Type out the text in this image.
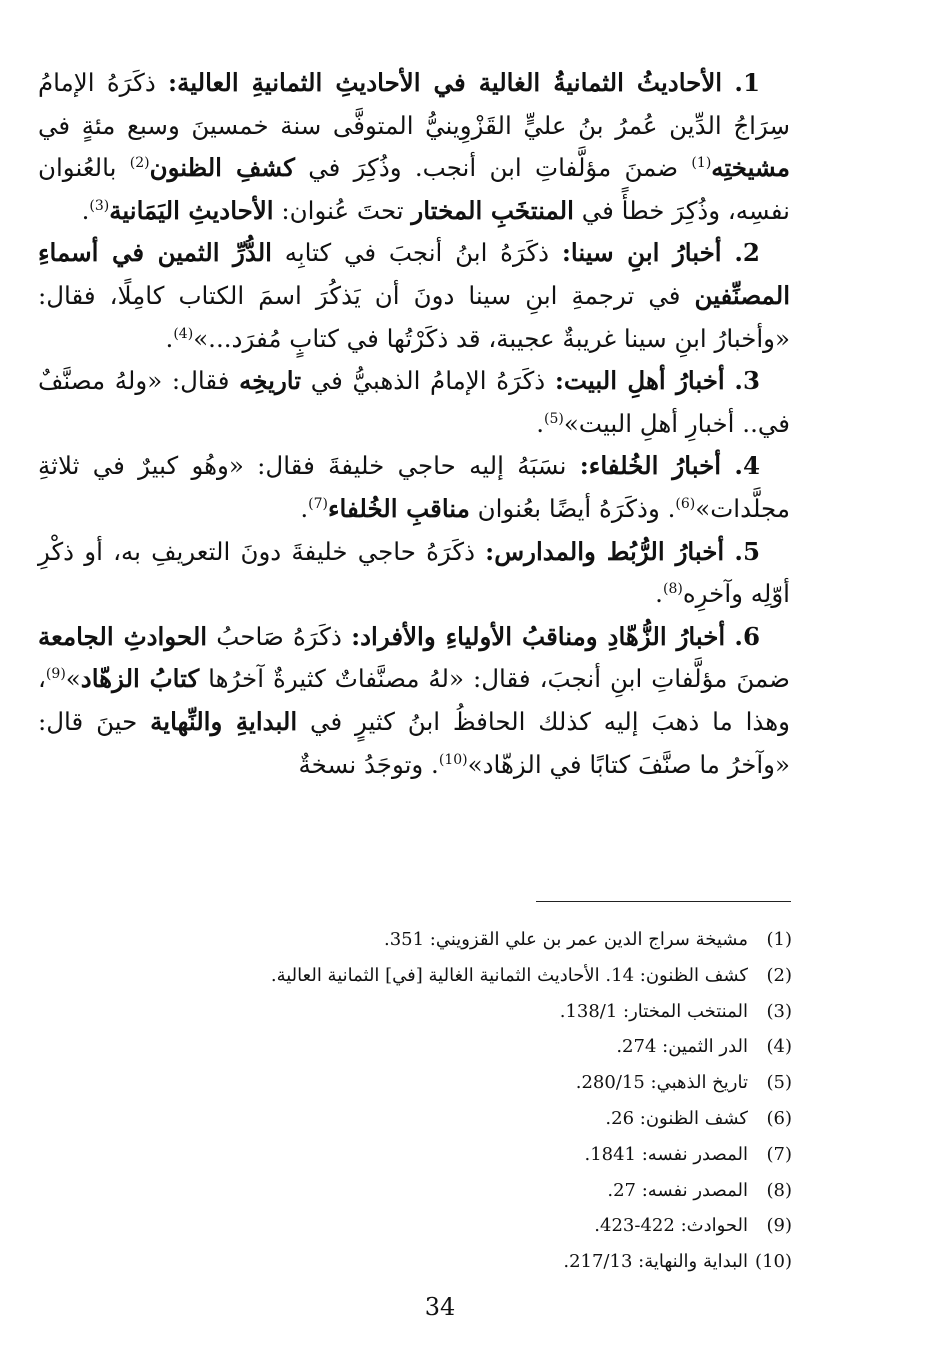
1. الأحاديثُ الثمانيةُ الغالية في الأحاديثِ الثمانيةِ العالية: ذكَرَهُ الإمامُ سِرَاجُ الدِّين عُمرُ بنُ عليٍّ القَزْوِينيُّ المتوفَّى سنة خمسينَ وسبع مئةٍ في مشيختِه$^{(1)}$ ضمنَ مؤلَّفاتِ ابن أنجب. وذُكِرَ في كشفِ الظنون$^{(2)}$ بالعُنوان نفسِه، وذُكِرَ خطأً في المنتخَبِ المختار تحتَ عُنوان: الأحاديثِ اليَمَانية$^{(3)}$.

2. أخبارُ ابنِ سينا: ذكَرَهُ ابنُ أنجبَ في كتابِه الدُّرِّ الثمين في أسماءِ المصنِّفين في ترجمةِ ابنِ سينا دونَ أن يَذكُرَ اسمَ الكتاب كامِلًا، فقال: «وأخبارُ ابنِ سينا غريبةٌ عجيبة، قد ذكَرْتُها في كتابٍ مُفرَد...»$^{(4)}$.

3. أخبارُ أهلِ البيت: ذكَرَهُ الإمامُ الذهبيُّ في تاريخِه فقال: «ولهُ مصنَّفٌ في.. أخبارِ أهلِ البيت»$^{(5)}$.

4. أخبارُ الخُلفاء: نسَبَهُ إليه حاجي خليفةَ فقال: «وهُو كبيرٌ في ثلاثةِ مجلَّدات»$^{(6)}$. وذكَرَهُ أيضًا بعُنوان مناقبِ الخُلفاء$^{(7)}$.

5. أخبارُ الرُّبُط والمدارس: ذكَرَهُ حاجي خليفةَ دونَ التعريفِ به، أو ذكْرِ أوّلِه وآخرِه$^{(8)}$.

6. أخبارُ الزُّهّادِ ومناقبُ الأولياءِ والأفراد: ذكَرَهُ صَاحبُ الحوادثِ الجامعة ضمنَ مؤلَّفاتِ ابنِ أنجبَ، فقال: «لهُ مصنَّفاتٌ كثيرةٌ آخرُها كتابُ الزهّاد»$^{(9)}$، وهذا ما ذهبَ إليه كذلك الحافظُ ابنُ كثيرٍ في البدايةِ والنِّهاية حينَ قال: «وآخرُ ما صنَّفَ كتابًا في الزهّاد»$^{(10)}$. وتوجَدُ نسخةٌ

(1)
مشيخة سراج الدين عمر بن علي القزويني: 351.
(2)
كشف الظنون: 14. الأحاديث الثمانية الغالية [في] الثمانية العالية.
(3)
المنتخب المختار: 138/1.
(4)
الدر الثمين: 274.
(5)
تاريخ الذهبي: 280/15.
(6)
كشف الظنون: 26.
(7)
المصدر نفسه: 1841.
(8)
المصدر نفسه: 27.
(9)
الحوادث: 422-423.
(10)
البداية والنهاية: 217/13.
34
